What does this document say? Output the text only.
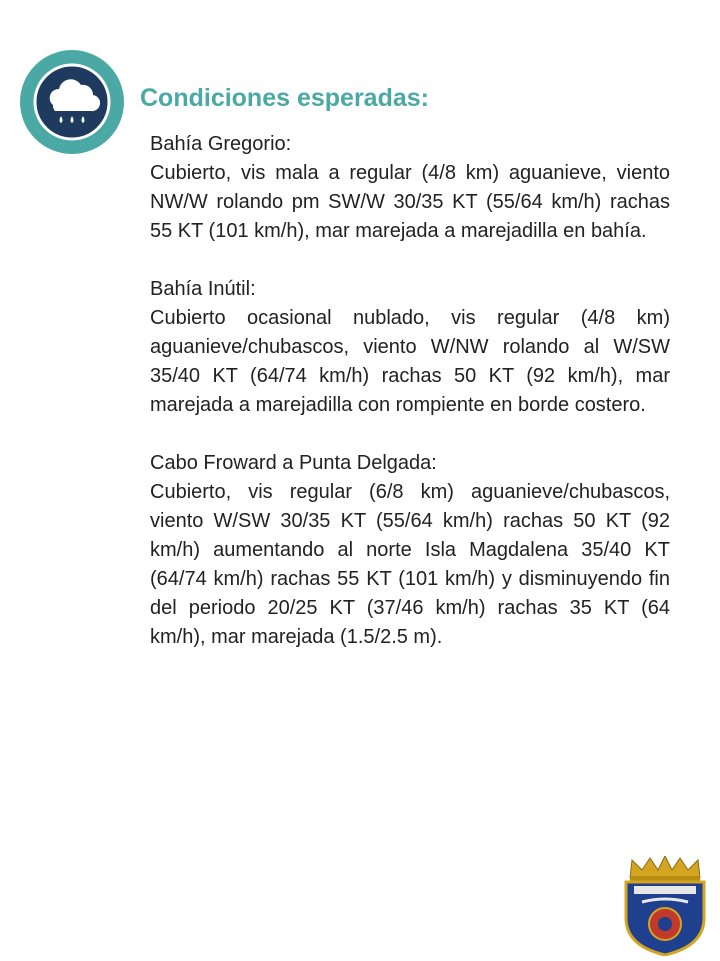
Condiciones esperadas:
Bahía Gregorio:
Cubierto, vis mala a regular (4/8 km) aguanieve, viento NW/W rolando pm SW/W 30/35 KT (55/64 km/h) rachas 55 KT (101 km/h), mar marejada a marejadilla en bahía.
Bahía Inútil:
Cubierto ocasional nublado, vis regular (4/8 km) aguanieve/chubascos, viento W/NW rolando al W/SW 35/40 KT (64/74 km/h) rachas 50 KT (92 km/h), mar marejada a marejadilla con rompiente en borde costero.
Cabo Froward a Punta Delgada:
Cubierto, vis regular (6/8 km) aguanieve/chubascos, viento W/SW 30/35 KT (55/64 km/h) rachas 50 KT (92 km/h) aumentando al norte Isla Magdalena 35/40 KT (64/74 km/h) rachas 55 KT (101 km/h) y disminuyendo fin del periodo 20/25 KT (37/46 km/h) rachas 35 KT (64 km/h), mar marejada (1.5/2.5 m).
